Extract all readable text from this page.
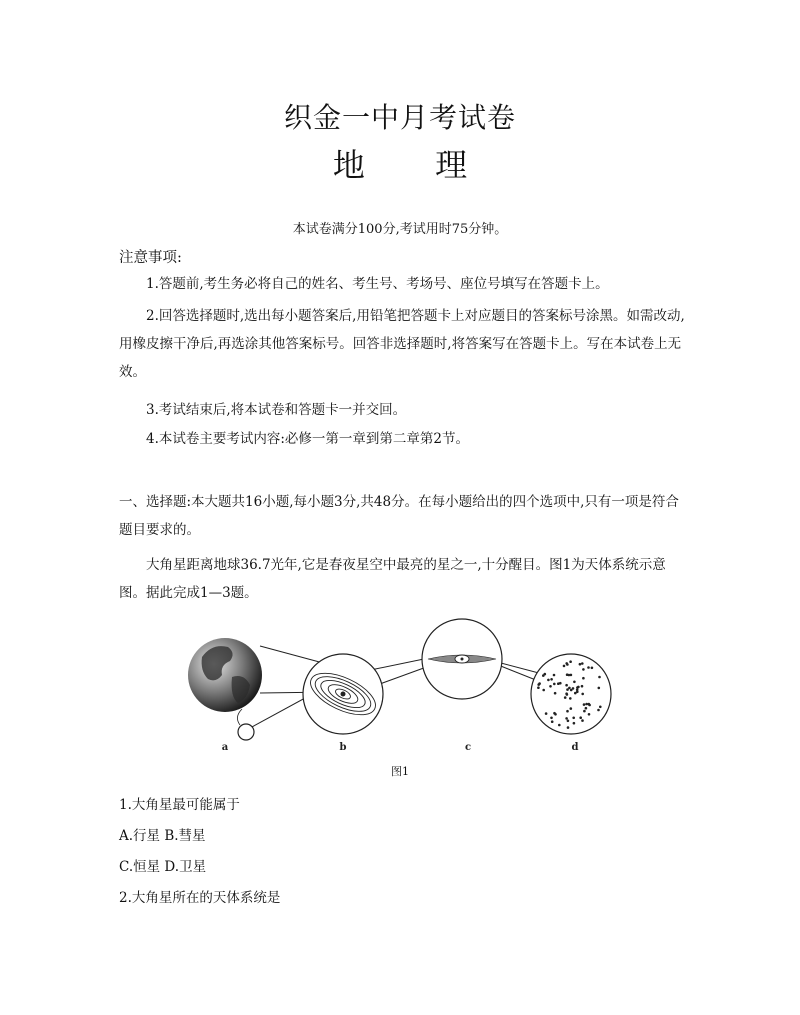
织金一中月考试卷
地 理
本试卷满分100分,考试用时75分钟。
注意事项:
1.答题前,考生务必将自己的姓名、考生号、考场号、座位号填写在答题卡上。
2.回答选择题时,选出每小题答案后,用铅笔把答题卡上对应题目的答案标号涂黑。如需改动,用橡皮擦干净后,再选涂其他答案标号。回答非选择题时,将答案写在答题卡上。写在本试卷上无效。
3.考试结束后,将本试卷和答题卡一并交回。
4.本试卷主要考试内容:必修一第一章到第二章第2节。
一、选择题:本大题共16小题,每小题3分,共48分。在每小题给出的四个选项中,只有一项是符合题目要求的。
大角星距离地球36.7光年,它是春夜星空中最亮的星之一,十分醒目。图1为天体系统示意图。据此完成1—3题。
a	b	c	d
图1
1.大角星最可能属于
A.行星 B.彗星
C.恒星 D.卫星
2.大角星所在的天体系统是
